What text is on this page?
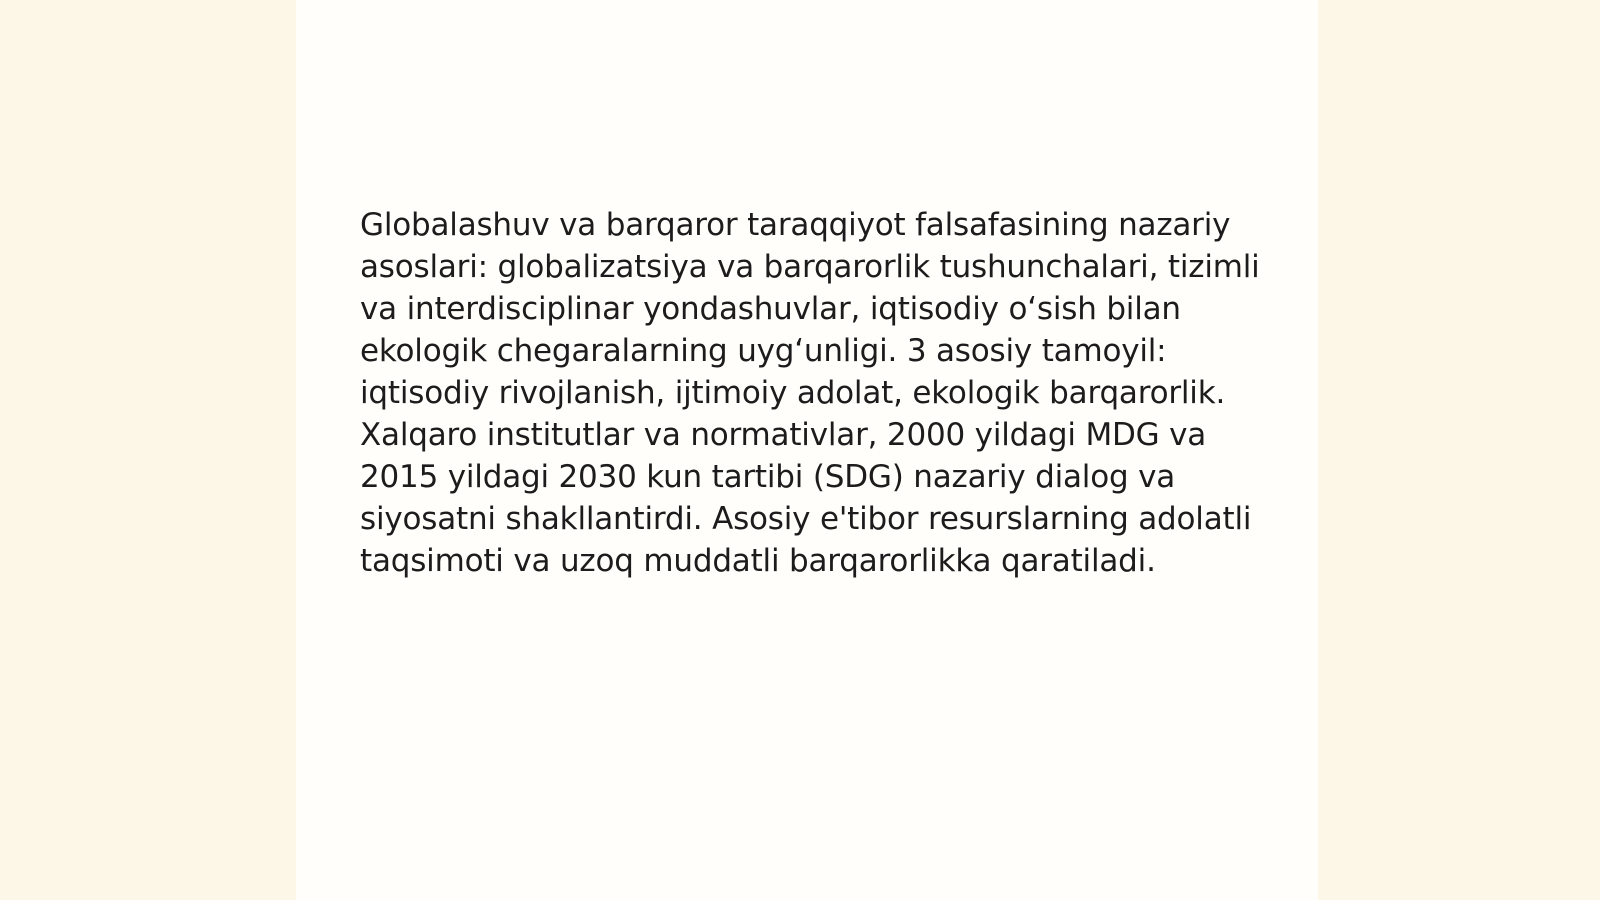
Globalashuv va barqaror taraqqiyot falsafasining nazariy asoslari: globalizatsiya va barqarorlik tushunchalari, tizimli va interdisciplinar yondashuvlar, iqtisodiy o‘sish bilan ekologik chegaralarning uyg‘unligi. 3 asosiy tamoyil: iqtisodiy rivojlanish, ijtimoiy adolat, ekologik barqarorlik. Xalqaro institutlar va normativlar, 2000 yildagi MDG va 2015 yildagi 2030 kun tartibi (SDG) nazariy dialog va siyosatni shakllantirdi. Asosiy e'tibor resurslarning adolatli taqsimoti va uzoq muddatli barqarorlikka qaratiladi.
